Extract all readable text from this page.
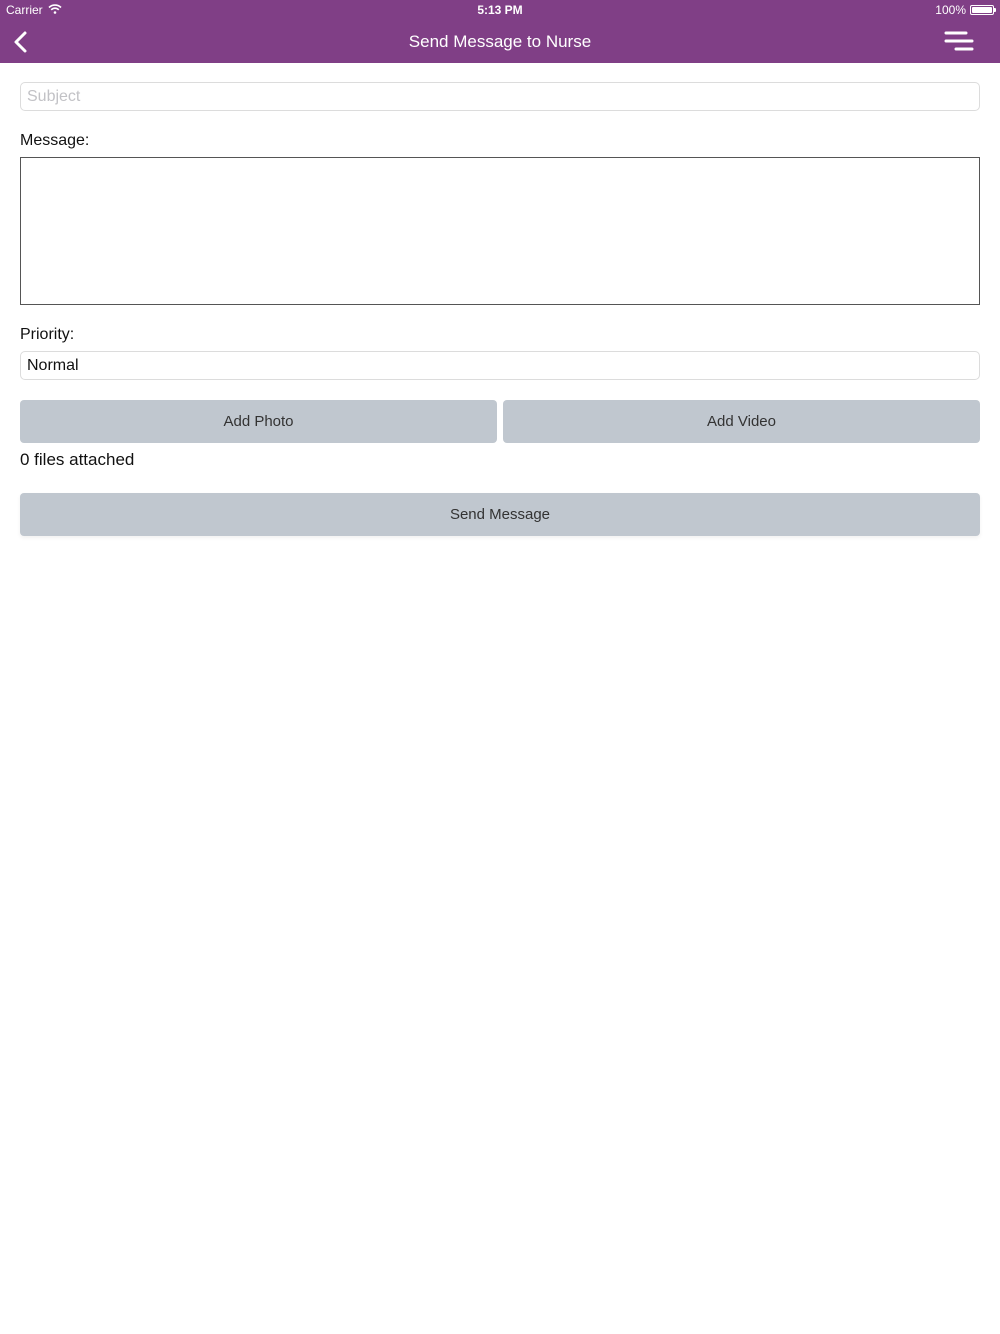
Carrier	5:13 PM	100%
Send Message to Nurse
Subject
Message:
Priority:
Normal
Add Photo	Add Video
0 files attached
Send Message
